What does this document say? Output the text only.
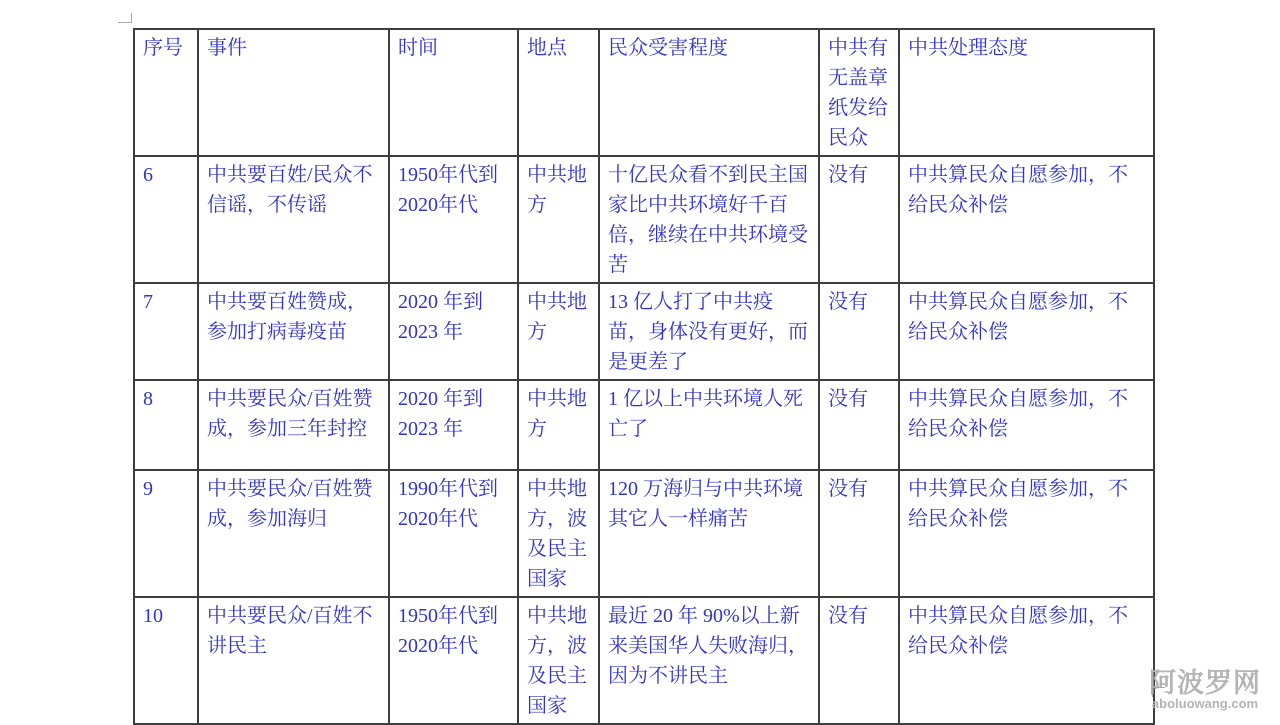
序号	事件	时间	地点	民众受害程度	中共有无盖章纸发给民众	中共处理态度
6	中共要百姓/民众不信谣，不传谣	1950年代到2020年代	中共地方	十亿民众看不到民主国家比中共环境好千百倍，继续在中共环境受苦	没有	中共算民众自愿参加，不给民众补偿
7	中共要百姓赞成，参加打病毒疫苗	2020 年到 2023 年	中共地方	13 亿人打了中共疫苗，身体没有更好，而是更差了	没有	中共算民众自愿参加，不给民众补偿
8	中共要民众/百姓赞成，参加三年封控	2020 年到 2023 年	中共地方	1 亿以上中共环境人死亡了	没有	中共算民众自愿参加，不给民众补偿
9	中共要民众/百姓赞成，参加海归	1990年代到2020年代	中共地方，波及民主国家	120 万海归与中共环境其它人一样痛苦	没有	中共算民众自愿参加，不给民众补偿
10	中共要民众/百姓不讲民主	1950年代到2020年代	中共地方，波及民主国家	最近 20 年 90%以上新来美国华人失败海归，因为不讲民主	没有	中共算民众自愿参加，不给民众补偿
阿波罗网
aboluowang.com
